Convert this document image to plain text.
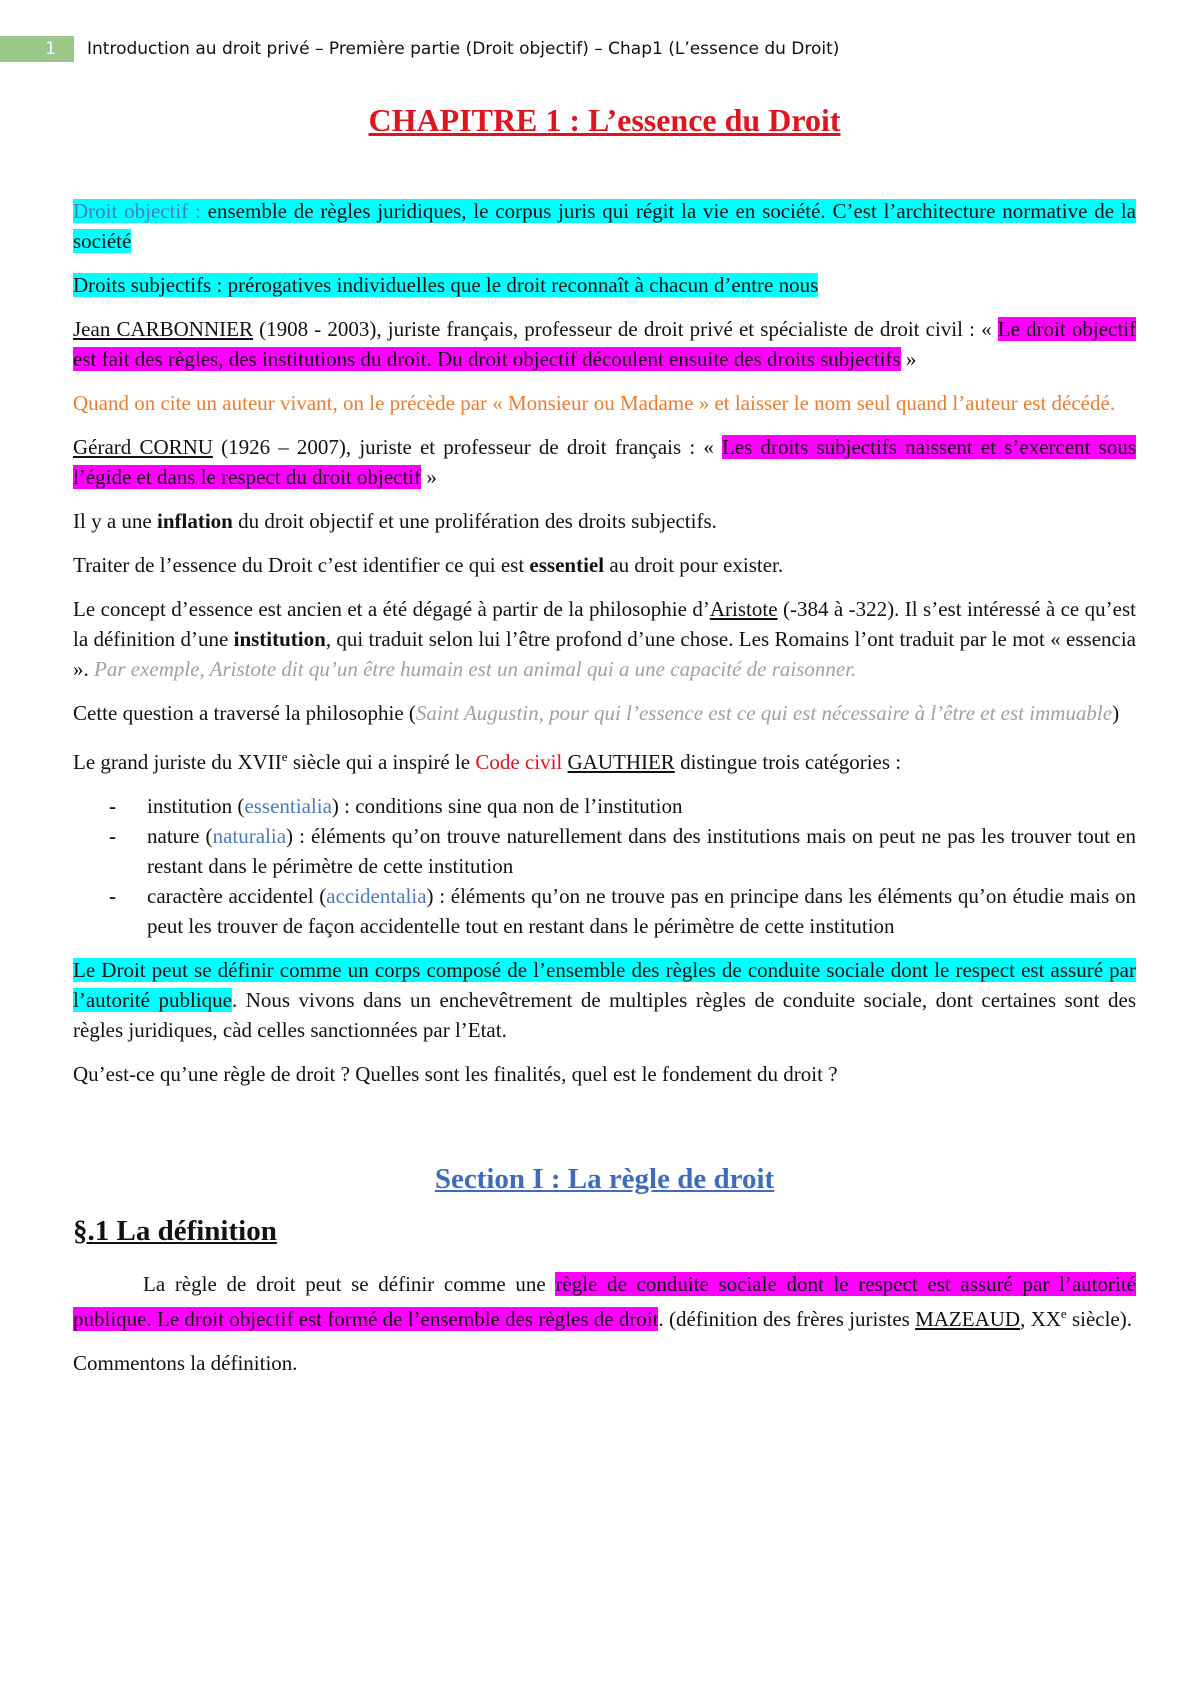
1	Introduction au droit privé – Première partie (Droit objectif) – Chap1 (L’essence du Droit)
CHAPITRE 1 : L’essence du Droit

Droit objectif : ensemble de règles juridiques, le corpus juris qui régit la vie en société. C’est l’architecture normative de la société

Droits subjectifs : prérogatives individuelles que le droit reconnaît à chacun d’entre nous

Jean CARBONNIER (1908 - 2003), juriste français, professeur de droit privé et spécialiste de droit civil : « Le droit objectif est fait des règles, des institutions du droit. Du droit objectif découlent ensuite des droits subjectifs »

Quand on cite un auteur vivant, on le précède par « Monsieur ou Madame » et laisser le nom seul quand l’auteur est décédé.

Gérard CORNU (1926 – 2007), juriste et professeur de droit français : « Les droits subjectifs naissent et s’exercent sous l’égide et dans le respect du droit objectif »

Il y a une inflation du droit objectif et une prolifération des droits subjectifs.

Traiter de l’essence du Droit c’est identifier ce qui est essentiel au droit pour exister.

Le concept d’essence est ancien et a été dégagé à partir de la philosophie d’Aristote (-384 à -322). Il s’est intéressé à ce qu’est la définition d’une institution, qui traduit selon lui l’être profond d’une chose. Les Romains l’ont traduit par le mot « essencia ». Par exemple, Aristote dit qu’un être humain est un animal qui a une capacité de raisonner.

Cette question a traversé la philosophie (Saint Augustin, pour qui l’essence est ce qui est nécessaire à l’être et est immuable)

Le grand juriste du XVIIe siècle qui a inspiré le Code civil GAUTHIER distingue trois catégories :

- institution (essentialia) : conditions sine qua non de l’institution
- nature (naturalia) : éléments qu’on trouve naturellement dans des institutions mais on peut ne pas les trouver tout en restant dans le périmètre de cette institution
- caractère accidentel (accidentalia) : éléments qu’on ne trouve pas en principe dans les éléments qu’on étudie mais on peut les trouver de façon accidentelle tout en restant dans le périmètre de cette institution

Le Droit peut se définir comme un corps composé de l’ensemble des règles de conduite sociale dont le respect est assuré par l’autorité publique. Nous vivons dans un enchevêtrement de multiples règles de conduite sociale, dont certaines sont des règles juridiques, càd celles sanctionnées par l’Etat.

Qu’est-ce qu’une règle de droit ? Quelles sont les finalités, quel est le fondement du droit ?

Section I : La règle de droit
§.1 La définition

La règle de droit peut se définir comme une règle de conduite sociale dont le respect est assuré par l’autorité publique. Le droit objectif est formé de l’ensemble des règles de droit. (définition des frères juristes MAZEAUD, XXe siècle).

Commentons la définition.
